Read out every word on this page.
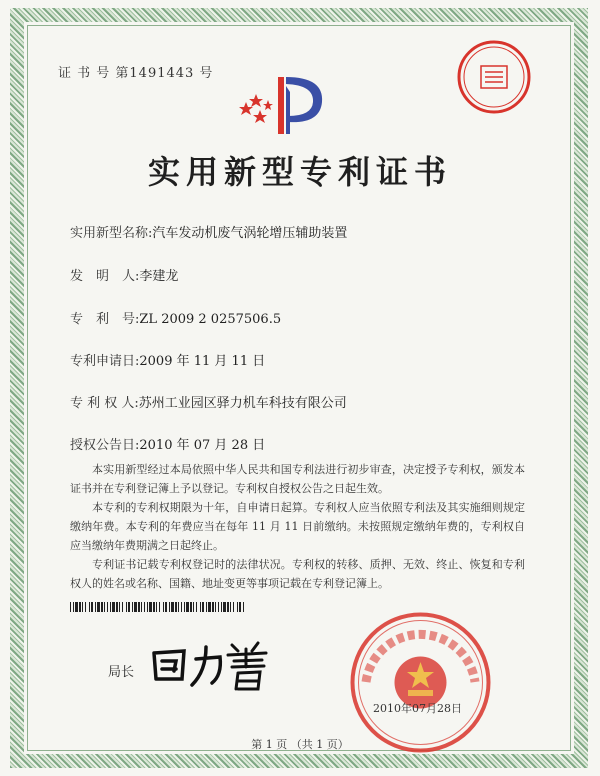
证 书 号 第1491443 号
实用新型专利证书
实用新型名称:汽车发动机废气涡轮增压辅助装置
发　明　人:李建龙
专　利　号:ZL 2009 2 0257506.5
专利申请日:2009 年 11 月 11 日
专 利 权 人:苏州工业园区驿力机车科技有限公司
授权公告日:2010 年 07 月 28 日

本实用新型经过本局依照中华人民共和国专利法进行初步审查，决定授予专利权，颁发本证书并在专利登记簿上予以登记。专利权自授权公告之日起生效。

本专利的专利权期限为十年，自申请日起算。专利权人应当依照专利法及其实施细则规定缴纳年费。本专利的年费应当在每年 11 月 11 日前缴纳。未按照规定缴纳年费的，专利权自应当缴纳年费期满之日起终止。

专利证书记载专利权登记时的法律状况。专利权的转移、质押、无效、终止、恢复和专利权人的姓名或名称、国籍、地址变更等事项记载在专利登记簿上。

局长
2010年07月28日
第 1 页 （共 1 页）
